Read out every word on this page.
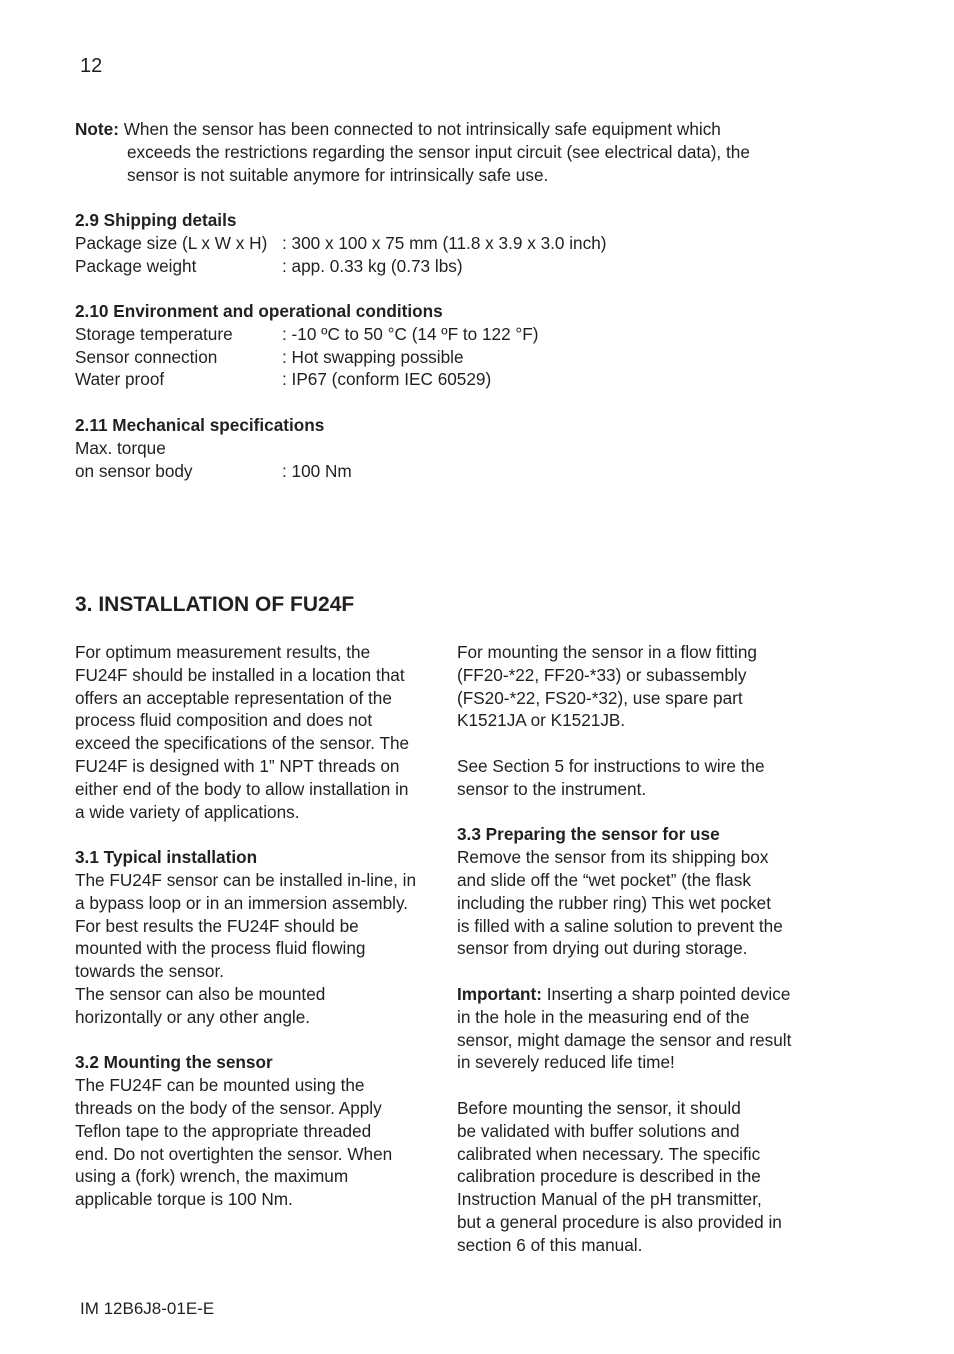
12
Note: When the sensor has been connected to not intrinsically safe equipment which
exceeds the restrictions regarding the sensor input circuit (see electrical data), the
sensor is not suitable anymore for intrinsically safe use.
2.9 Shipping details
Package size (L x W x H) : 300 x 100 x 75 mm (11.8 x 3.9 x 3.0 inch)
Package weight	: app. 0.33 kg (0.73 lbs)
2.10 Environment and operational conditions
Storage temperature	: -10 ºC to 50 °C (14 ºF to 122 °F)
Sensor connection	: Hot swapping possible
Water proof	: IP67 (conform IEC 60529)
2.11 Mechanical specifications
Max. torque
on sensor body	: 100 Nm
3. INSTALLATION OF FU24F

For optimum measurement results, the
FU24F should be installed in a location that
offers an acceptable representation of the
process fluid composition and does not
exceed the specifications of the sensor. The
FU24F is designed with 1” NPT threads on
either end of the body to allow installation in
a wide variety of applications.

3.1 Typical installation
The FU24F sensor can be installed in-line, in
a bypass loop or in an immersion assembly.
For best results the FU24F should be
mounted with the process fluid flowing
towards the sensor.
The sensor can also be mounted
horizontally or any other angle.

3.2 Mounting the sensor
The FU24F can be mounted using the
threads on the body of the sensor. Apply
Teflon tape to the appropriate threaded
end. Do not overtighten the sensor. When
using a (fork) wrench, the maximum
applicable torque is 100 Nm.

For mounting the sensor in a flow fitting
(FF20-*22, FF20-*33) or subassembly
(FS20-*22, FS20-*32), use spare part
K1521JA or K1521JB.

See Section 5 for instructions to wire the
sensor to the instrument.

3.3 Preparing the sensor for use
Remove the sensor from its shipping box
and slide off the “wet pocket” (the flask
including the rubber ring) This wet pocket
is filled with a saline solution to prevent the
sensor from drying out during storage.

Important: Inserting a sharp pointed device
in the hole in the measuring end of the
sensor, might damage the sensor and result
in severely reduced life time!

Before mounting the sensor, it should
be validated with buffer solutions and
calibrated when necessary. The specific
calibration procedure is described in the
Instruction Manual of the pH transmitter,
but a general procedure is also provided in
section 6 of this manual.

IM 12B6J8-01E-E
